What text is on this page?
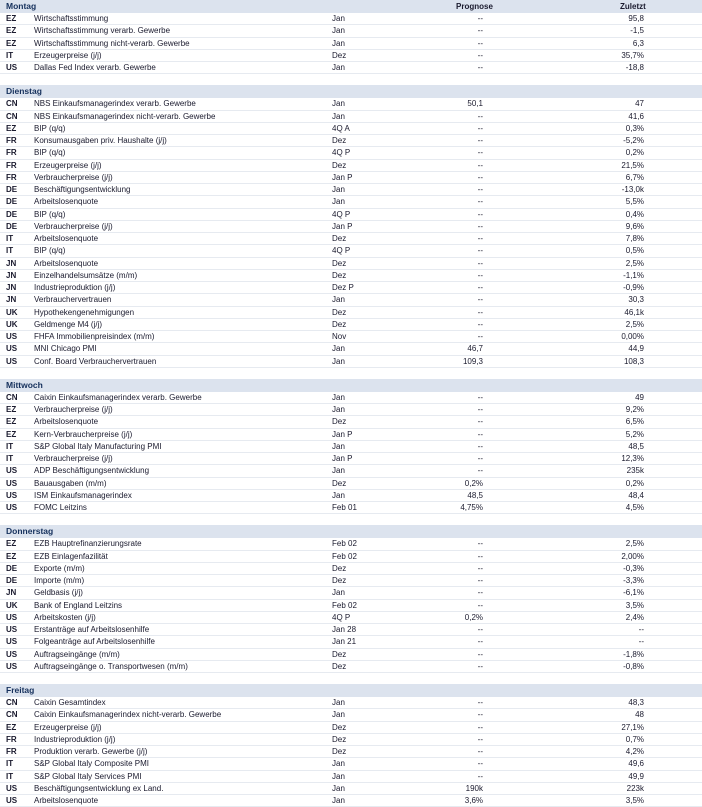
Montag	Prognose	Zuletzt
EZ Wirtschaftsstimmung	Jan	--	95,8
EZ Wirtschaftsstimmung verarb. Gewerbe	Jan	--	-1,5
EZ Wirtschaftsstimmung nicht-verarb. Gewerbe	Jan	--	6,3
IT	Erzeugerpreise (j/j)	Dez	--	35,7%
US Dallas Fed Index verarb. Gewerbe	Jan	--	-18,8
Dienstag
CN NBS Einkaufsmanagerindex verarb. Gewerbe	Jan	50,1	47
CN NBS Einkaufsmanagerindex nicht-verarb. Gewerbe	Jan	--	41,6
EZ BIP (q/q)	4Q A	--	0,3%
FR Konsumausgaben priv. Haushalte (j/j)	Dez	--	-5,2%
FR BIP (q/q)	4Q P	--	0,2%
FR Erzeugerpreise (j/j)	Dez	--	21,5%
FR Verbraucherpreise (j/j)	Jan P	--	6,7%
DE Beschäftigungsentwicklung	Jan	--	-13,0k
DE Arbeitslosenquote	Jan	--	5,5%
DE BIP (q/q)	4Q P	--	0,4%
DE Verbraucherpreise (j/j)	Jan P	--	9,6%
IT	Arbeitslosenquote	Dez	--	7,8%
IT	BIP (q/q)	4Q P	--	0,5%
JN Arbeitslosenquote	Dez	--	2,5%
JN Einzelhandelsumsätze (m/m)	Dez	--	-1,1%
JN Industrieproduktion (j/j)	Dez P	--	-0,9%
JN Verbrauchervertrauen	Jan	--	30,3
UK Hypothekengenehmigungen	Dez	--	46,1k
UK Geldmenge M4 (j/j)	Dez	--	2,5%
US FHFA Immobilienpreisindex (m/m)	Nov	--	0,00%
US MNI Chicago PMI	Jan	46,7	44,9
US Conf. Board Verbrauchervertrauen	Jan	109,3	108,3
Mittwoch
CN Caixin Einkaufsmanagerindex verarb. Gewerbe	Jan	--	49
EZ Verbraucherpreise (j/j)	Jan	--	9,2%
EZ Arbeitslosenquote	Dez	--	6,5%
EZ Kern-Verbraucherpreise (j/j)	Jan P	--	5,2%
IT	S&P Global Italy Manufacturing PMI	Jan	--	48,5
IT	Verbraucherpreise (j/j)	Jan P	--	12,3%
US ADP Beschäftigungsentwicklung	Jan	--	235k
US Bauausgaben (m/m)	Dez	0,2%	0,2%
US ISM Einkaufsmanagerindex	Jan	48,5	48,4
US FOMC Leitzins	Feb 01	4,75%	4,5%
Donnerstag
EZ EZB Hauptrefinanzierungsrate	Feb 02	--	2,5%
EZ EZB Einlagenfazilität	Feb 02	--	2,00%
DE Exporte (m/m)	Dez	--	-0,3%
DE Importe (m/m)	Dez	--	-3,3%
JN Geldbasis (j/j)	Jan	--	-6,1%
UK Bank of England Leitzins	Feb 02	--	3,5%
US Arbeitskosten (j/j)	4Q P	0,2%	2,4%
US Erstanträge auf Arbeitslosenhilfe	Jan 28	--	--
US Folgeanträge auf Arbeitslosenhilfe	Jan 21	--	--
US Auftragseingänge (m/m)	Dez	--	-1,8%
US Auftragseingänge o. Transportwesen (m/m)	Dez	--	-0,8%
Freitag
CN Caixin Gesamtindex	Jan	--	48,3
CN Caixin Einkaufsmanagerindex nicht-verarb. Gewerbe	Jan	--	48
EZ Erzeugerpreise (j/j)	Dez	--	27,1%
FR Industrieproduktion (j/j)	Dez	--	0,7%
FR Produktion verarb. Gewerbe (j/j)	Dez	--	4,2%
IT	S&P Global Italy Composite PMI	Jan	--	49,6
IT	S&P Global Italy Services PMI	Jan	--	49,9
US Beschäftigungsentwicklung ex Land.	Jan	190k	223k
US Arbeitslosenquote	Jan	3,6%	3,5%
